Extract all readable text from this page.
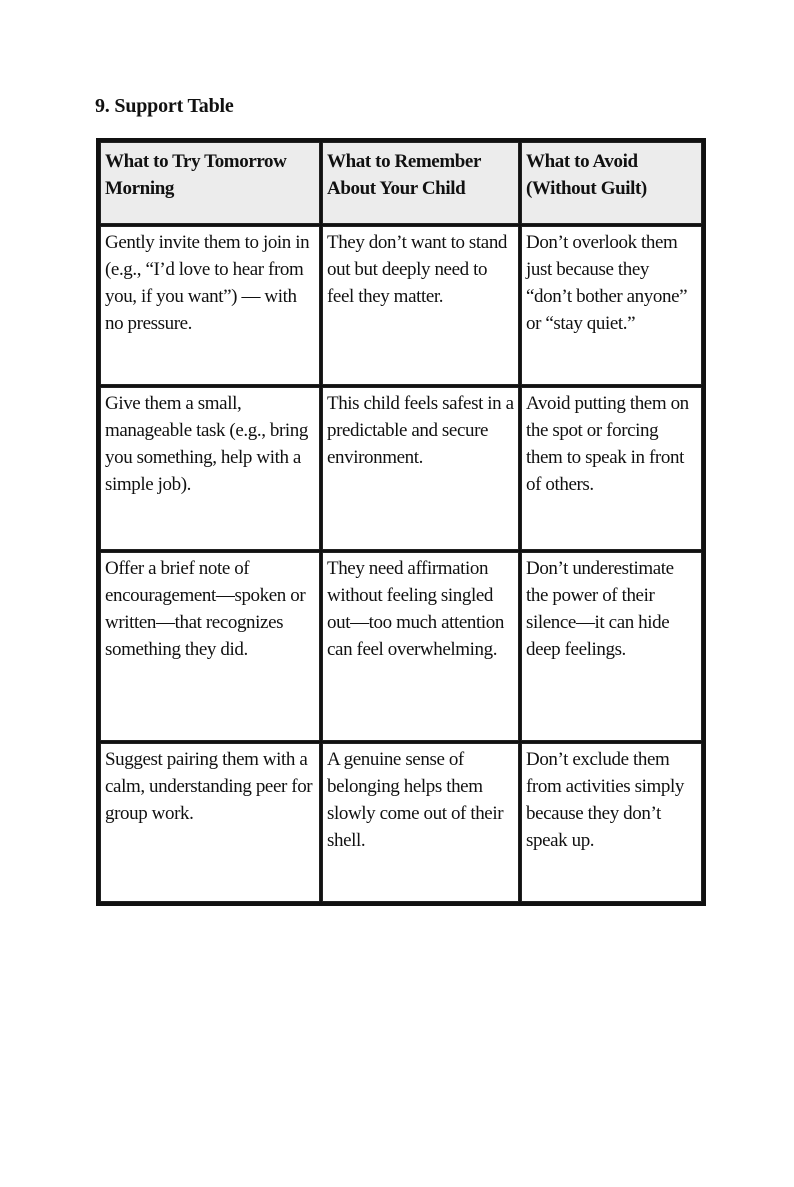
9. Support Table
What to Try Tomorrow Morning	What to Remember About Your Child	What to Avoid (Without Guilt)
Gently invite them to join in (e.g., “I’d love to hear from you, if you want”) — with no pressure.	They don’t want to stand out but deeply need to feel they matter.	Don’t overlook them just because they “don’t bother anyone” or “stay quiet.”
Give them a small, manageable task (e.g., bring you something, help with a simple job).	This child feels safest in a predictable and secure environment.	Avoid putting them on the spot or forcing them to speak in front of others.
Offer a brief note of encouragement—spoken or written—that recognizes something they did.	They need affirmation without feeling singled out—too much attention can feel overwhelming.	Don’t underestimate the power of their silence—it can hide deep feelings.
Suggest pairing them with a calm, understanding peer for group work.	A genuine sense of belonging helps them slowly come out of their shell.	Don’t exclude them from activities simply because they don’t speak up.
